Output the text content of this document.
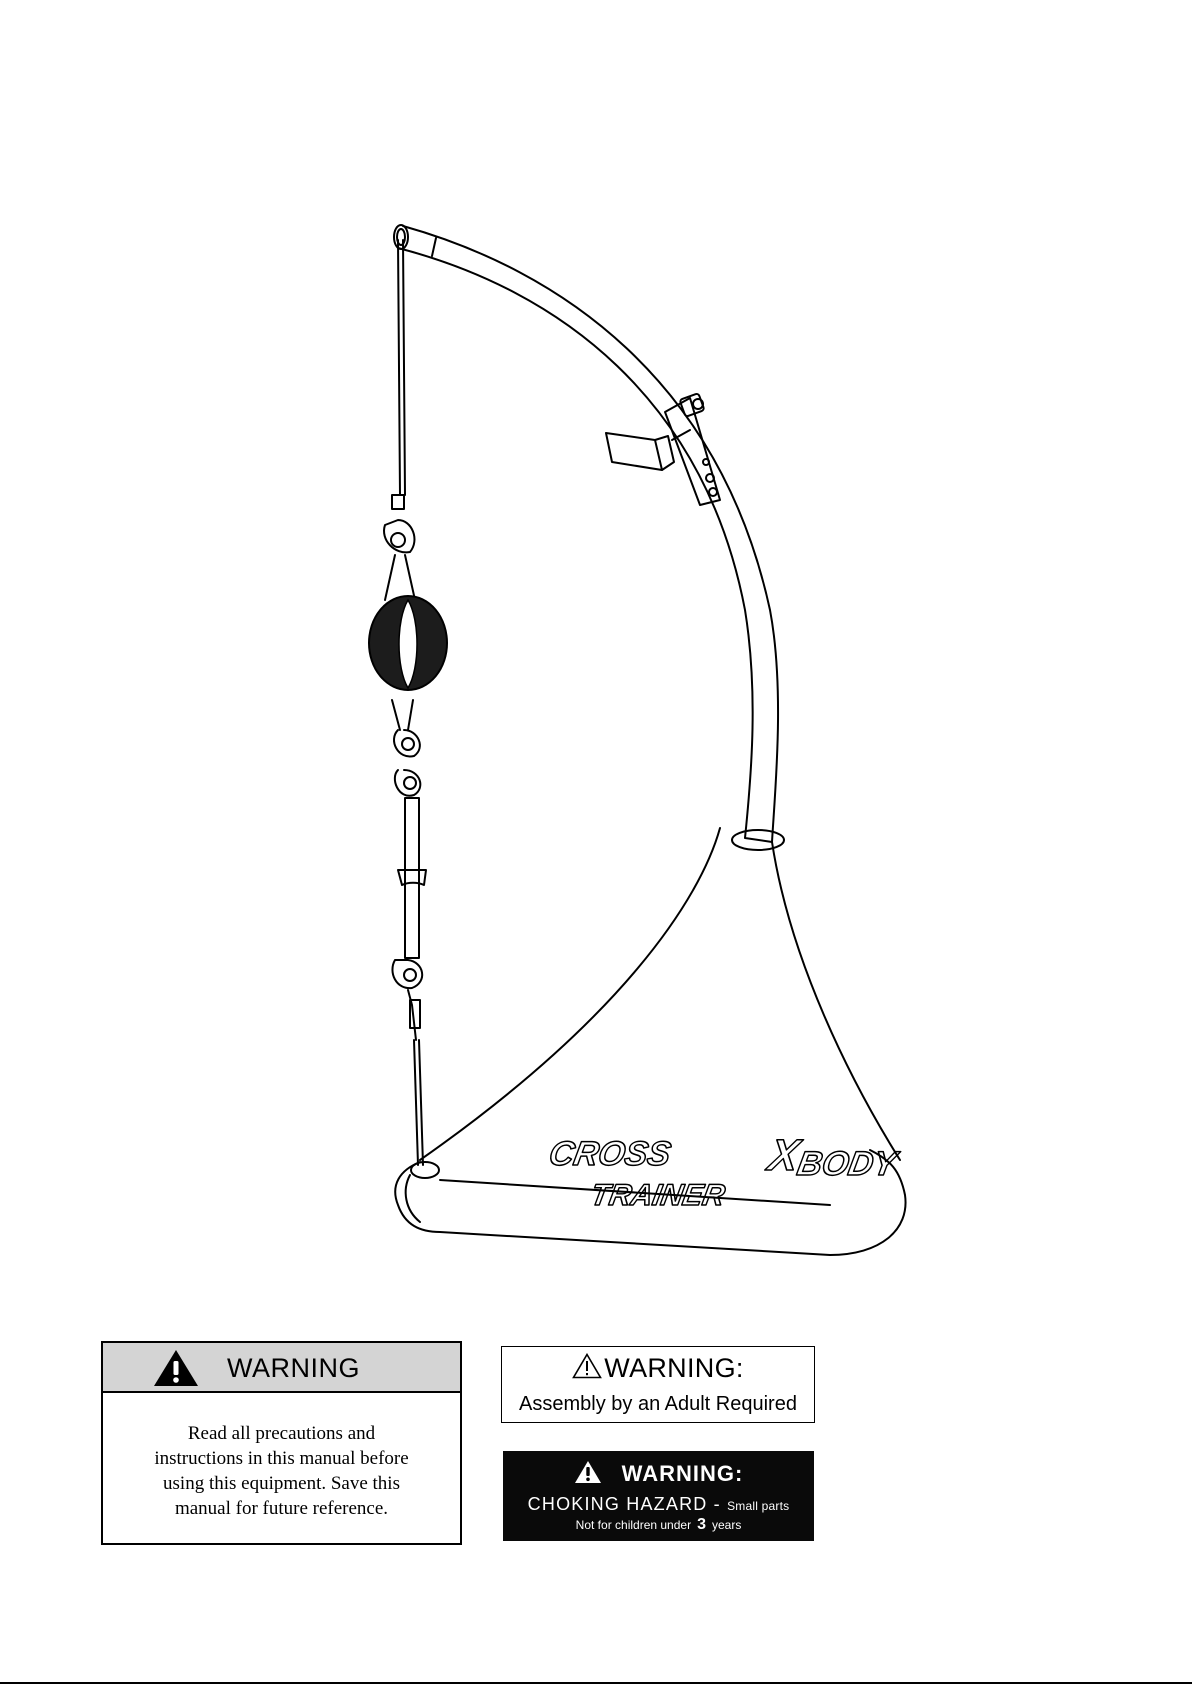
CROSS X
BODY
TRAINER
WARNING
Read all precautions and
instructions in this manual before
using this equipment. Save this
manual for future reference.
WARNING:
Assembly by an Adult Required
WARNING:
CHOKING HAZARD - Small parts
Not for children under 3 years
